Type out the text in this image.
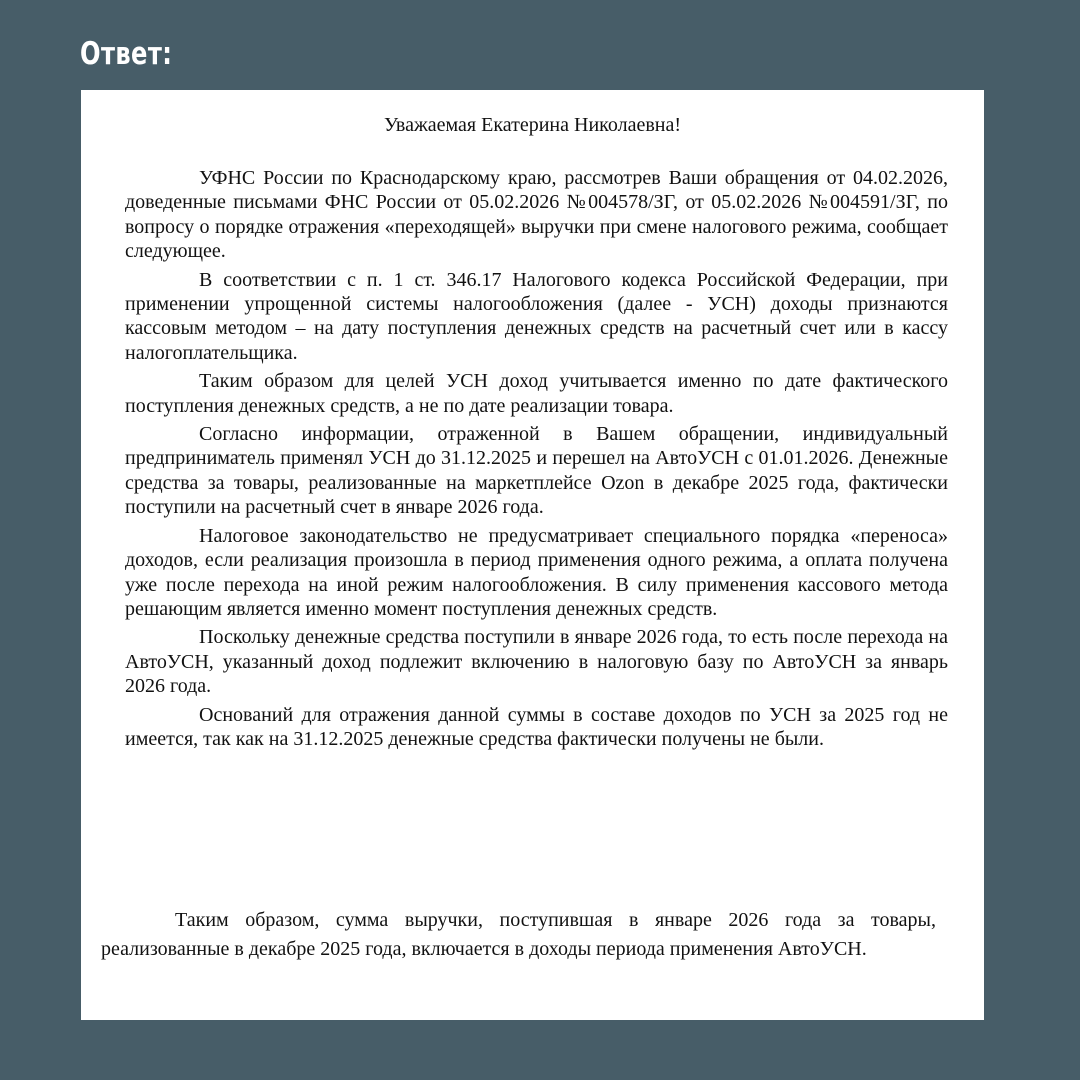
Ответ:
Уважаемая Екатерина Николаевна!

УФНС России по Краснодарскому краю, рассмотрев Ваши обращения от 04.02.2026, доведенные письмами ФНС России от 05.02.2026 №004578/ЗГ, от 05.02.2026 №004591/ЗГ, по вопросу о порядке отражения «переходящей» выручки при смене налогового режима, сообщает следующее.

В соответствии с п. 1 ст. 346.17 Налогового кодекса Российской Федерации, при применении упрощенной системы налогообложения (далее - УСН) доходы признаются кассовым методом – на дату поступления денежных средств на расчетный счет или в кассу налогоплательщика.

Таким образом для целей УСН доход учитывается именно по дате фактического поступления денежных средств, а не по дате реализации товара.

Согласно информации, отраженной в Вашем обращении, индивидуальный предприниматель применял УСН до 31.12.2025 и перешел на АвтоУСН с 01.01.2026. Денежные средства за товары, реализованные на маркетплейсе Ozon в декабре 2025 года, фактически поступили на расчетный счет в январе 2026 года.

Налоговое законодательство не предусматривает специального порядка «переноса» доходов, если реализация произошла в период применения одного режима, а оплата получена уже после перехода на иной режим налогообложения. В силу применения кассового метода решающим является именно момент поступления денежных средств.

Поскольку денежные средства поступили в январе 2026 года, то есть после перехода на АвтоУСН, указанный доход подлежит включению в налоговую базу по АвтоУСН за январь 2026 года.

Оснований для отражения данной суммы в составе доходов по УСН за 2025 год не имеется, так как на 31.12.2025 денежные средства фактически получены не были.

Таким образом, сумма выручки, поступившая в январе 2026 года за товары, реализованные в декабре 2025 года, включается в доходы периода применения АвтоУСН.
